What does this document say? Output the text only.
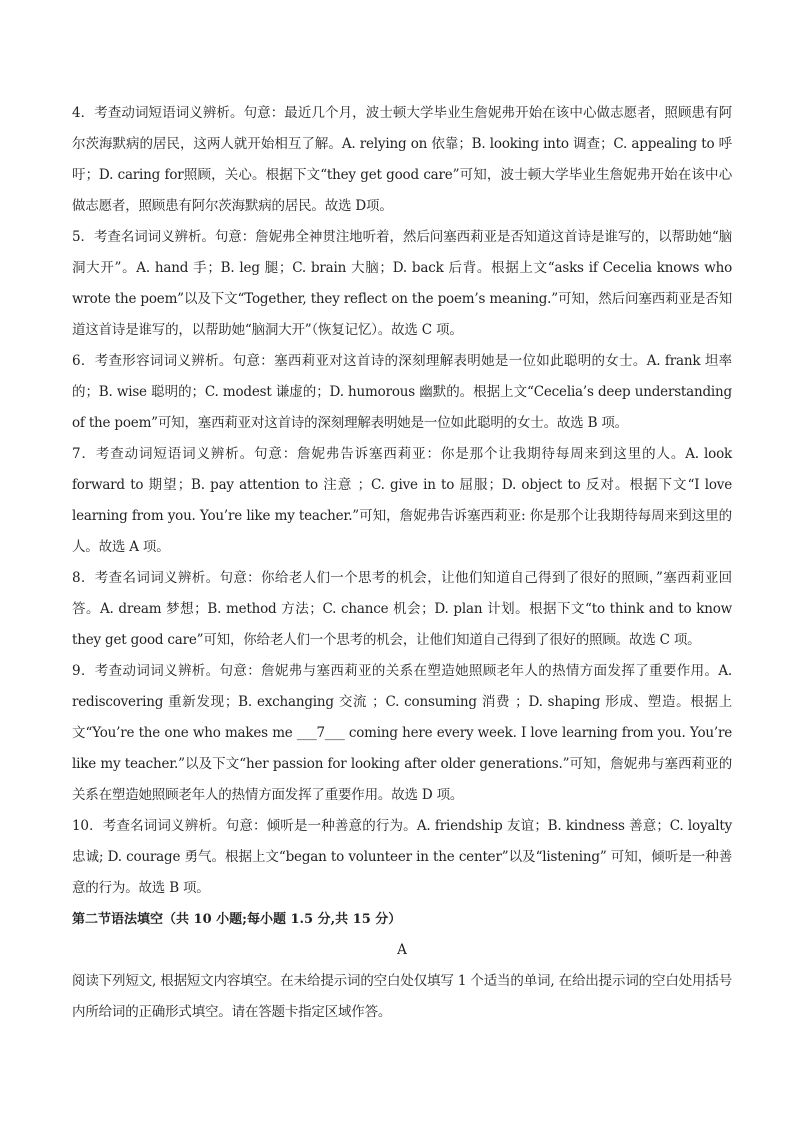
4．考查动词短语词义辨析。句意：最近几个月，波士顿大学毕业生詹妮弗开始在该中心做志愿者，照顾患有阿尔茨海默病的居民，这两人就开始相互了解。A. relying on 依靠；B. looking into 调查；C. appealing to 呼吁；D. caring for照顾，关心。根据下文“they get good care”可知，波士顿大学毕业生詹妮弗开始在该中心做志愿者，照顾患有阿尔茨海默病的居民。故选 D项。

5．考查名词词义辨析。句意：詹妮弗全神贯注地听着，然后问塞西莉亚是否知道这首诗是谁写的，以帮助她“脑洞大开”。A. hand 手；B. leg 腿；C. brain 大脑；D. back 后背。根据上文“asks if Cecelia knows who wrote the poem”以及下文“Together, they reflect on the poem’s meaning.”可知，然后问塞西莉亚是否知道这首诗是谁写的，以帮助她“脑洞大开”（恢复记忆）。故选 C 项。

6．考查形容词词义辨析。句意：塞西莉亚对这首诗的深刻理解表明她是一位如此聪明的女士。A. frank 坦率的；B. wise 聪明的；C. modest 谦虚的；D. humorous 幽默的。根据上文“Cecelia’s deep understanding of the poem”可知，塞西莉亚对这首诗的深刻理解表明她是一位如此聪明的女士。故选 B 项。

7．考查动词短语词义辨析。句意：詹妮弗告诉塞西莉亚：你是那个让我期待每周来到这里的人。A. look forward to 期望；B. pay attention to 注意 ；C. give in to 屈服；D. object to 反对。根据下文“I love learning from you. You’re like my teacher.”可知，詹妮弗告诉塞西莉亚: 你是那个让我期待每周来到这里的人。故选 A 项。

8．考查名词词义辨析。句意：你给老人们一个思考的机会，让他们知道自己得到了很好的照顾，”塞西莉亚回答。A. dream 梦想；B. method 方法；C. chance 机会；D. plan 计划。根据下文“to think and to know they get good care”可知，你给老人们一个思考的机会，让他们知道自己得到了很好的照顾。故选 C 项。

9．考查动词词义辨析。句意：詹妮弗与塞西莉亚的关系在塑造她照顾老年人的热情方面发挥了重要作用。A. rediscovering 重新发现；B. exchanging 交流 ；C. consuming 消费 ；D. shaping 形成、塑造。根据上文“You’re the one who makes me ___7___ coming here every week. I love learning from you. You’re like my teacher.”以及下文“her passion for looking after older generations.”可知，詹妮弗与塞西莉亚的关系在塑造她照顾老年人的热情方面发挥了重要作用。故选 D 项。

10．考查名词词义辨析。句意：倾听是一种善意的行为。A. friendship 友谊；B. kindness 善意；C. loyalty 忠诚; D. courage 勇气。根据上文“began to volunteer in the center”以及“listening” 可知，倾听是一种善意的行为。故选 B 项。

第二节语法填空（共 10 小题;每小题 1.5 分,共 15 分）

A

阅读下列短文, 根据短文内容填空。在未给提示词的空白处仅填写 1 个适当的单词, 在给出提示词的空白处用括号内所给词的正确形式填空。请在答题卡指定区域作答。
